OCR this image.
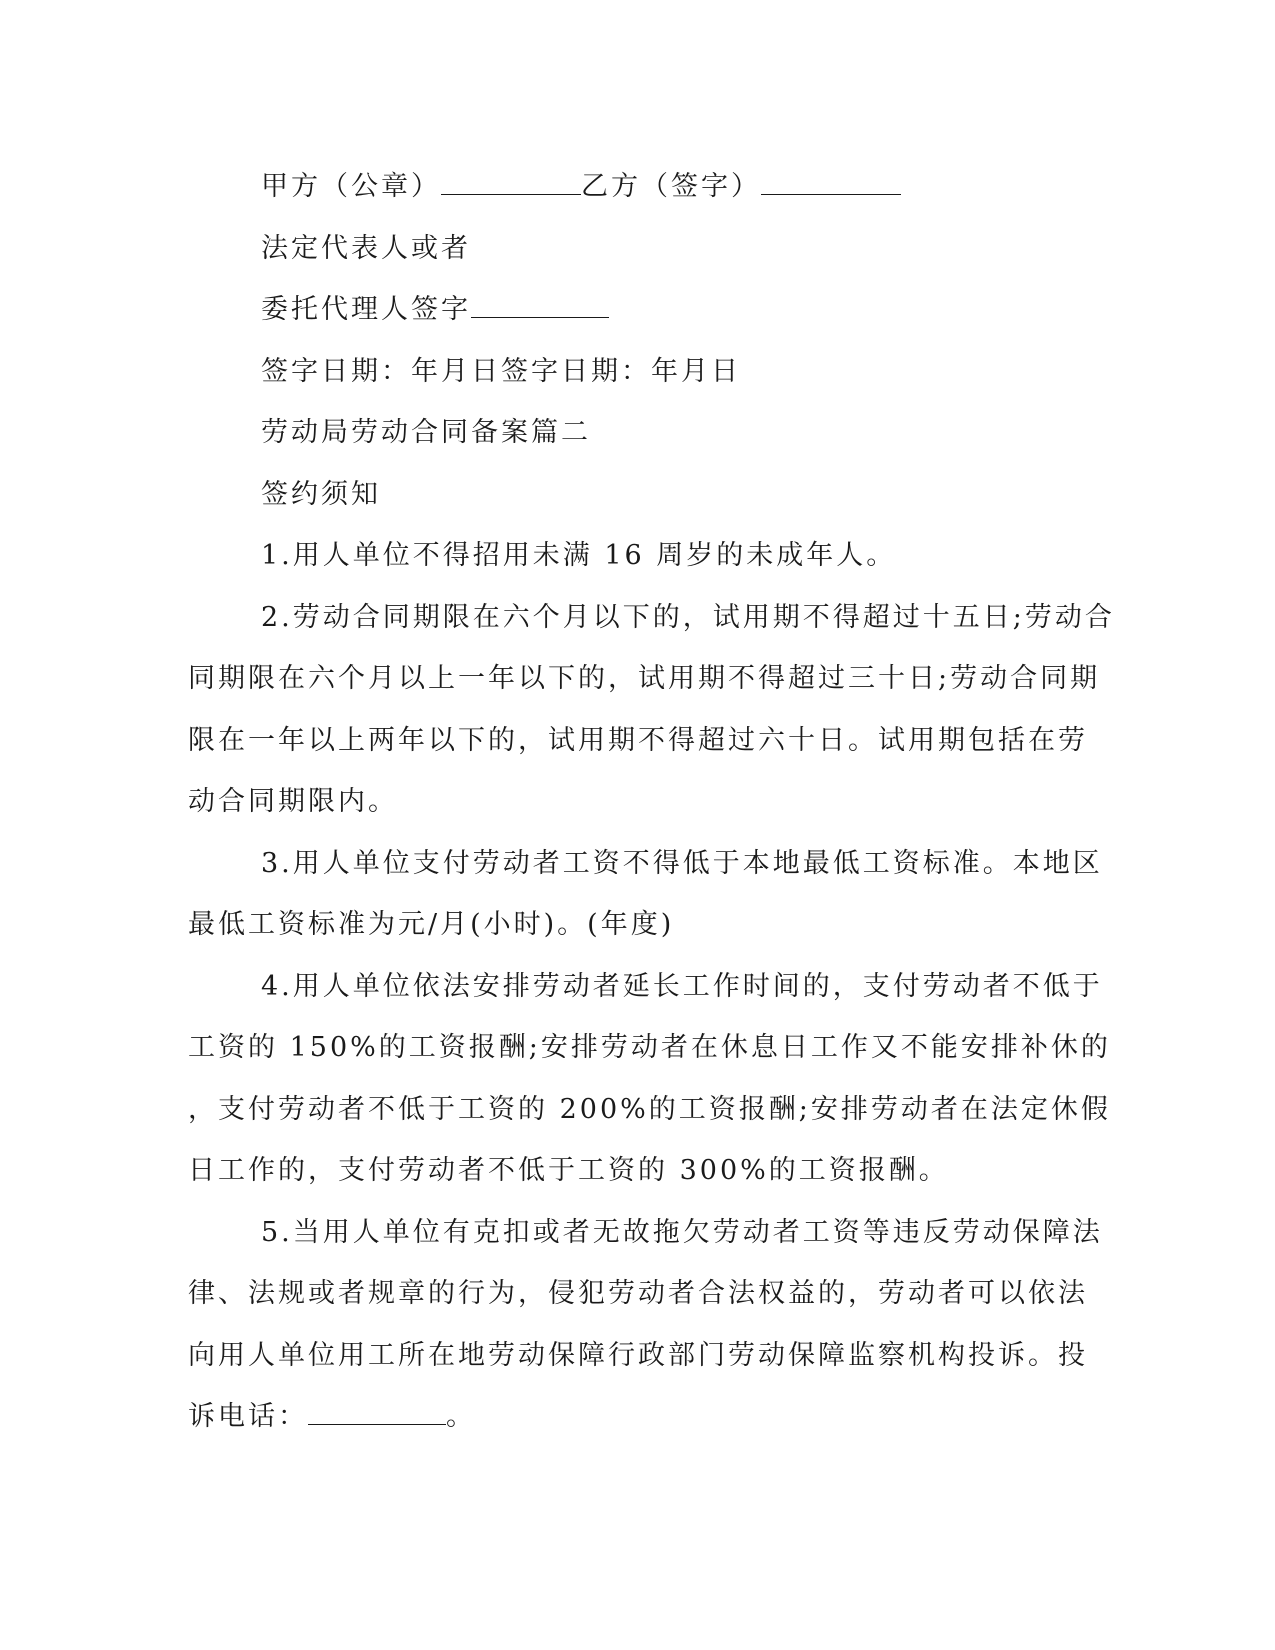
甲方（公章）	乙方（签字）

法定代表人或者

委托代理人签字

签字日期：年月日签字日期：年月日

劳动局劳动合同备案篇二

签约须知

1.用人单位不得招用未满 16 周岁的未成年人。

2.劳动合同期限在六个月以下的，试用期不得超过十五日;劳动合

同期限在六个月以上一年以下的，试用期不得超过三十日;劳动合同期

限在一年以上两年以下的，试用期不得超过六十日。试用期包括在劳

动合同期限内。

3.用人单位支付劳动者工资不得低于本地最低工资标准。本地区

最低工资标准为元/月(小时)。(年度)

4.用人单位依法安排劳动者延长工作时间的，支付劳动者不低于

工资的 150%的工资报酬;安排劳动者在休息日工作又不能安排补休的

，支付劳动者不低于工资的 200%的工资报酬;安排劳动者在法定休假

日工作的，支付劳动者不低于工资的 300%的工资报酬。

5.当用人单位有克扣或者无故拖欠劳动者工资等违反劳动保障法

律、法规或者规章的行为，侵犯劳动者合法权益的，劳动者可以依法

向用人单位用工所在地劳动保障行政部门劳动保障监察机构投诉。投

诉电话：	。
